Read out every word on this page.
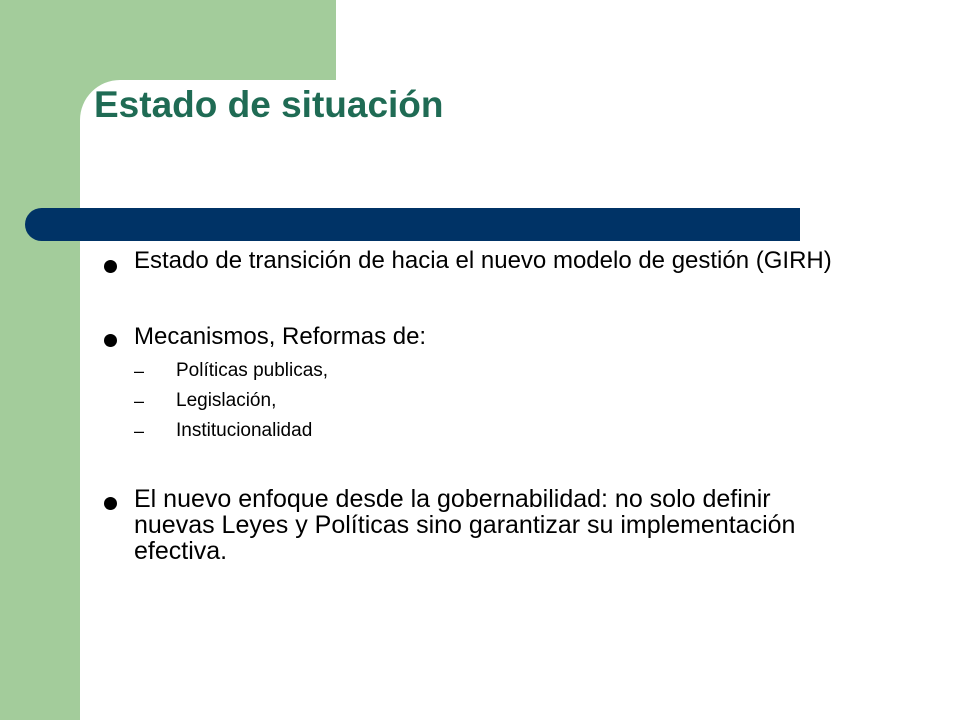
Estado de situación

Estado de transición de hacia el nuevo modelo de gestión (GIRH)

Mecanismos, Reformas de:

– Políticas publicas,

– Legislación,

– Institucionalidad

El nuevo enfoque desde la gobernabilidad: no solo definir nuevas Leyes y Políticas sino garantizar su implementación efectiva.
